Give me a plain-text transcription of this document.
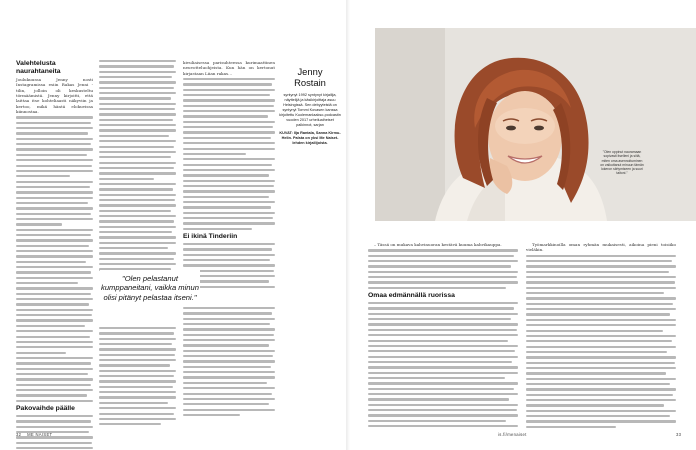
Valehtelusta naurahtaneita

Joulukuussa Jenny nosti Instagramissa esiin Rakas Jenni -tilin, jolloin oli keskusteltu törmäämistä. Jenny kirjoitti, että laittaa itse kohteliaasti näkyviin ja kertoo, mikä häntä elokuvissa kiinnostaa.

Pakovaihde päälle

kivuliaisessa parisuhteessa kurimaattinen neuvotteluohjeista. Kun hän on kertonut kirjastaan Liian rakas…

Ei ikinä Tinderiin
"Olen pelastanut kumppaneitani, vaikka minun olisi pitänyt pelastaa itseni."
Jenny
Rostain
syntynyt 1992 syntynyt kirjailija, näyttelijä ja käsikirjoittaja asuu Helsingissä. Sen debyyteistä on syntynyt Tommi Kovasen kanssa kirjoitettu Kuolemanlaakso-podcastin vuoden 2017 urheiluaiheiset palkinnot, sarjan
KUVAT: Ilja Rantala, Sanna Kirmu-Helin. Palsta on yksi Me Naiset-lehden kirjailijoista.
32 ME NAISET
"Olen oppinut nauramaan sopivasti itselleni ja siitä, miten oma asennoituminen on vaikuttanut minuun tämän lokeron siirtymiseen ja suuri taitoni."

– Tässä on mukava kahvinuoran kestävä kuuma kahvikauppa.

Omaa edmännällä ruorissa

Työmarkkinoilla oman ryhmän mukaisesti, aikoina pieni toisiiko vieläkin.

is.fi/menaiset	33
